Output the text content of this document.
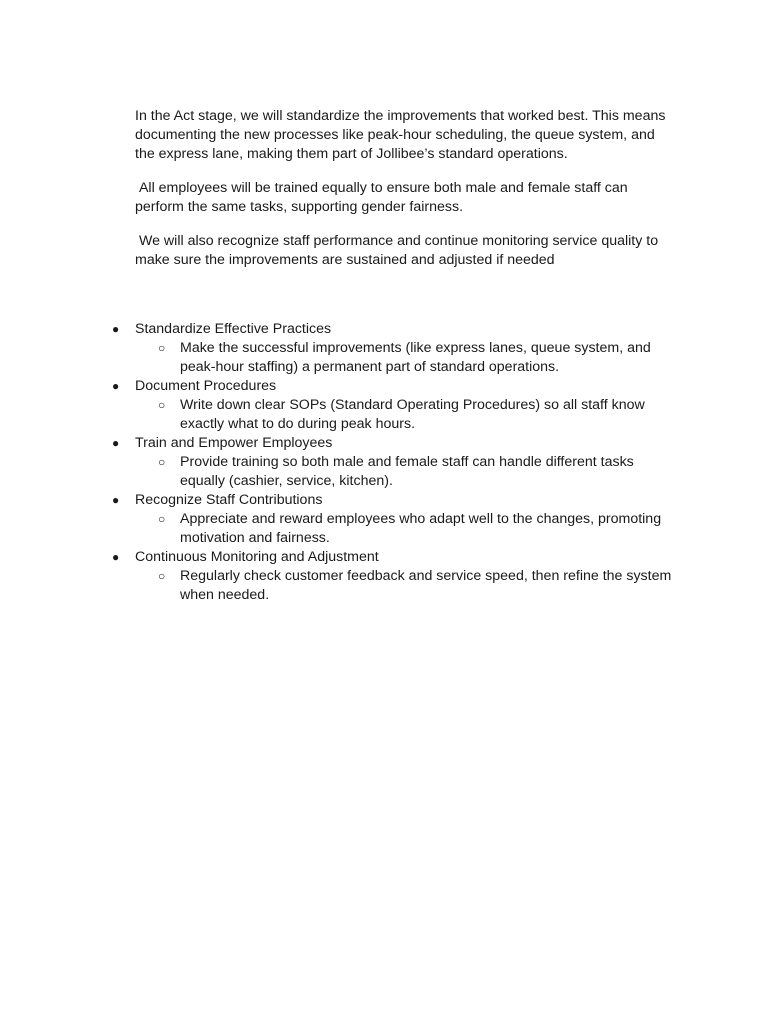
In the Act stage, we will standardize the improvements that worked best. This means documenting the new processes like peak-hour scheduling, the queue system, and the express lane, making them part of Jollibee’s standard operations.

All employees will be trained equally to ensure both male and female staff can perform the same tasks, supporting gender fairness.

We will also recognize staff performance and continue monitoring service quality to make sure the improvements are sustained and adjusted if needed

● Standardize Effective Practices
○ Make the successful improvements (like express lanes, queue system, and peak-hour staffing) a permanent part of standard operations.
● Document Procedures
○ Write down clear SOPs (Standard Operating Procedures) so all staff know exactly what to do during peak hours.
● Train and Empower Employees
○ Provide training so both male and female staff can handle different tasks equally (cashier, service, kitchen).
● Recognize Staff Contributions
○ Appreciate and reward employees who adapt well to the changes, promoting motivation and fairness.
● Continuous Monitoring and Adjustment
○ Regularly check customer feedback and service speed, then refine the system when needed.
